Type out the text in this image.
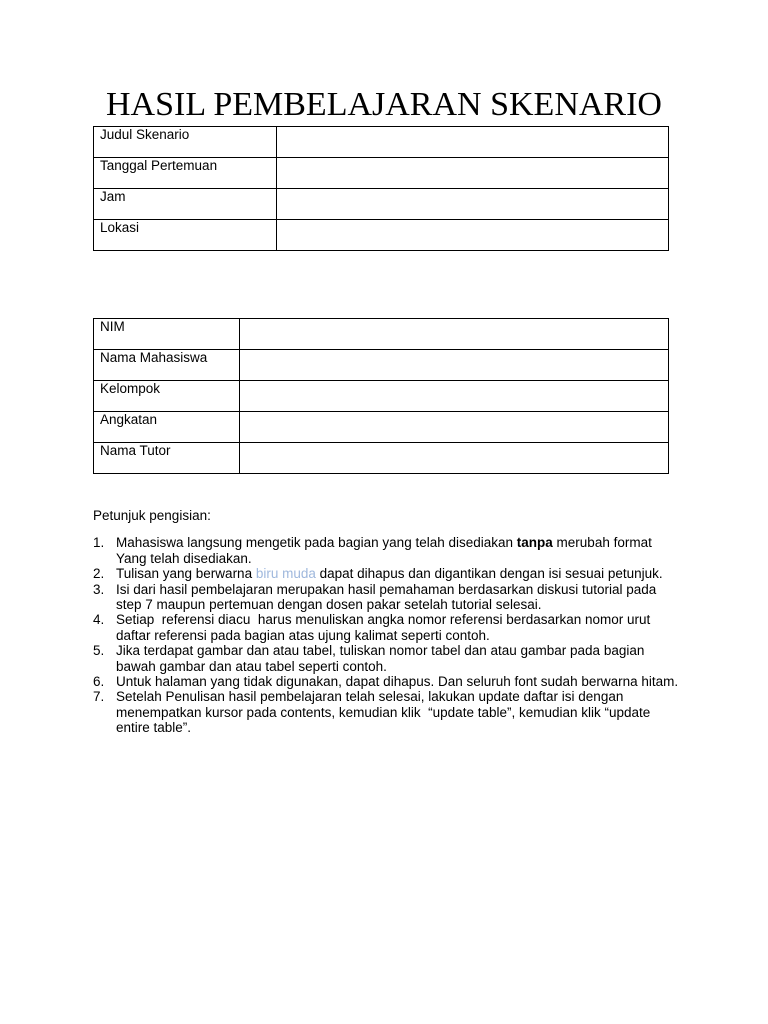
HASIL PEMBELAJARAN SKENARIO
Judul Skenario	

Tanggal Pertemuan	

Jam	

Lokasi	

NIM	

Nama Mahasiswa	

Kelompok	

Angkatan	

Nama Tutor	

Petunjuk pengisian:

1. Mahasiswa langsung mengetik pada bagian yang telah disediakan tanpa merubah format Yang telah disediakan.
2. Tulisan yang berwarna biru muda dapat dihapus dan digantikan dengan isi sesuai petunjuk.
3. Isi dari hasil pembelajaran merupakan hasil pemahaman berdasarkan diskusi tutorial pada step 7 maupun pertemuan dengan dosen pakar setelah tutorial selesai.
4. Setiap  referensi diacu  harus menuliskan angka nomor referensi berdasarkan nomor urut daftar referensi pada bagian atas ujung kalimat seperti contoh.
5. Jika terdapat gambar dan atau tabel, tuliskan nomor tabel dan atau gambar pada bagian bawah gambar dan atau tabel seperti contoh.
6. Untuk halaman yang tidak digunakan, dapat dihapus. Dan seluruh font sudah berwarna hitam.
7. Setelah Penulisan hasil pembelajaran telah selesai, lakukan update daftar isi dengan menempatkan kursor pada contents, kemudian klik  “update table”, kemudian klik “update entire table”.
